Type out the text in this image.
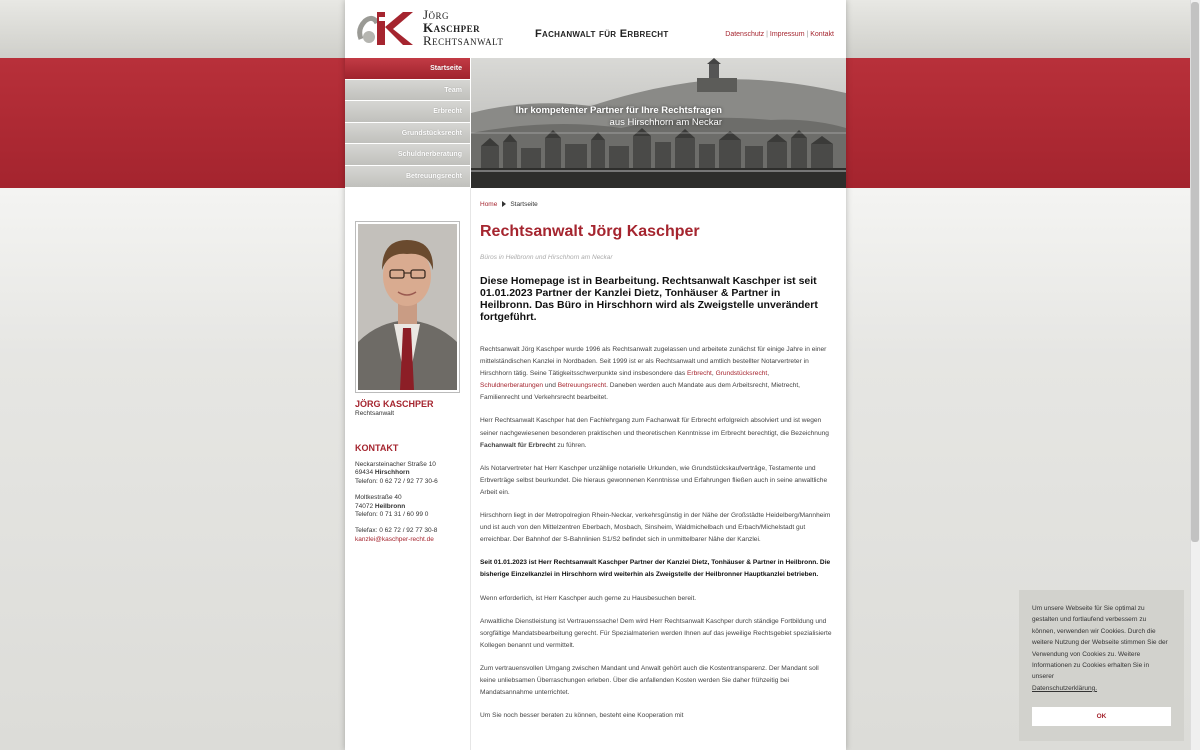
Jörg
Kaschper
Rechtsanwalt	Fachanwalt für Erbrecht	Datenschutz | Impressum | Kontakt
Startseite
Team
Erbrecht
Grundstücksrecht
Schuldnerberatung
Betreuungsrecht
Ihr kompetenter Partner für Ihre Rechtsfragen
aus Hirschhorn am Neckar
JÖRG KASCHPER
Rechtsanwalt
KONTAKT
Neckarsteinacher Straße 10
69434 Hirschhorn
Telefon: 0 62 72 / 92 77 30-6
Moltkestraße 40
74072 Heilbronn
Telefon: 0 71 31 / 60 99 0
Telefax: 0 62 72 / 92 77 30-8
kanzlei@kaschper-recht.de
Home Startseite
Rechtsanwalt Jörg Kaschper
Büros in Heilbronn und Hirschhorn am Neckar
Diese Homepage ist in Bearbeitung. Rechtsanwalt Kaschper ist seit 01.01.2023 Partner der Kanzlei Dietz, Tonhäuser & Partner in Heilbronn. Das Büro in Hirschhorn wird als Zweigstelle unverändert fortgeführt.

Rechtsanwalt Jörg Kaschper wurde 1996 als Rechtsanwalt zugelassen und arbeitete zunächst für einige Jahre in einer mittelständischen Kanzlei in Nordbaden. Seit 1999 ist er als Rechtsanwalt und amtlich bestellter Notarvertreter in Hirschhorn tätig. Seine Tätigkeitsschwerpunkte sind insbesondere das Erbrecht, Grundstücksrecht, Schuldnerberatungen und Betreuungsrecht. Daneben werden auch Mandate aus dem Arbeitsrecht, Mietrecht, Familienrecht und Verkehrsrecht bearbeitet.

Herr Rechtsanwalt Kaschper hat den Fachlehrgang zum Fachanwalt für Erbrecht erfolgreich absolviert und ist wegen seiner nachgewiesenen besonderen praktischen und theoretischen Kenntnisse im Erbrecht berechtigt, die Bezeichnung Fachanwalt für Erbrecht zu führen.

Als Notarvertreter hat Herr Kaschper unzählige notarielle Urkunden, wie Grundstückskaufverträge, Testamente und Erbverträge selbst beurkundet. Die hieraus gewonnenen Kenntnisse und Erfahrungen fließen auch in seine anwaltliche Arbeit ein.

Hirschhorn liegt in der Metropolregion Rhein-Neckar, verkehrsgünstig in der Nähe der Großstädte Heidelberg/Mannheim und ist auch von den Mittelzentren Eberbach, Mosbach, Sinsheim, Waldmichelbach und Erbach/Michelstadt gut erreichbar. Der Bahnhof der S-Bahnlinien S1/S2 befindet sich in unmittelbarer Nähe der Kanzlei.

Seit 01.01.2023 ist Herr Rechtsanwalt Kaschper Partner der Kanzlei Dietz, Tonhäuser & Partner in Heilbronn. Die bisherige Einzelkanzlei in Hirschhorn wird weiterhin als Zweigstelle der Heilbronner Hauptkanzlei betrieben.

Wenn erforderlich, ist Herr Kaschper auch gerne zu Hausbesuchen bereit.

Anwaltliche Dienstleistung ist Vertrauenssache! Dem wird Herr Rechtsanwalt Kaschper durch ständige Fortbildung und sorgfältige Mandatsbearbeitung gerecht. Für Spezialmaterien werden Ihnen auf das jeweilige Rechtsgebiet spezialisierte Kollegen benannt und vermittelt.

Zum vertrauensvollen Umgang zwischen Mandant und Anwalt gehört auch die Kostentransparenz. Der Mandant soll keine unliebsamen Überraschungen erleben. Über die anfallenden Kosten werden Sie daher frühzeitig bei Mandatsannahme unterrichtet.

Um Sie noch besser beraten zu können, besteht eine Kooperation mit

Um unsere Webseite für Sie optimal zu gestalten und fortlaufend verbessern zu können, verwenden wir Cookies. Durch die weitere Nutzung der Webseite stimmen Sie der Verwendung von Cookies zu. Weitere Informationen zu Cookies erhalten Sie in unserer
Datenschutzerklärung.
OK
